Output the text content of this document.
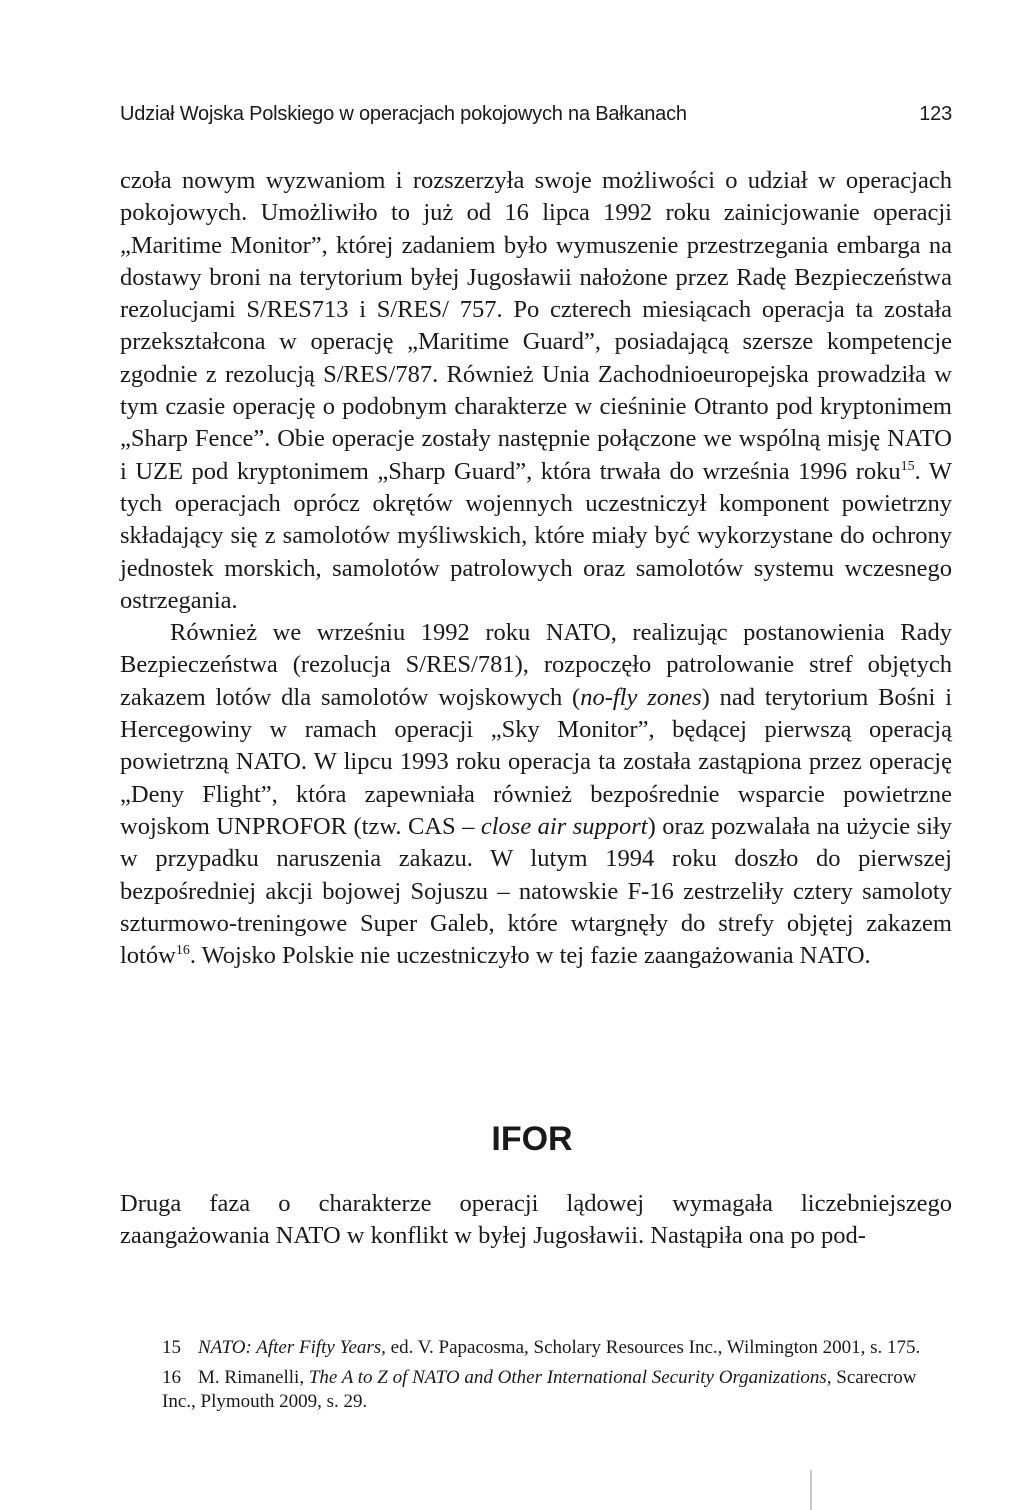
Udział Wojska Polskiego w operacjach pokojowych na Bałkanach	123

czoła nowym wyzwaniom i rozszerzyła swoje możliwości o udział w operacjach pokojowych. Umożliwiło to już od 16 lipca 1992 roku zainicjowanie operacji „Maritime Monitor”, której zadaniem było wymuszenie przestrzegania embarga na dostawy broni na terytorium byłej Jugosławii nałożone przez Radę Bezpieczeństwa rezolucjami S/RES713 i S/RES/ 757. Po czterech miesiącach operacja ta została przekształcona w operację „Maritime Guard”, posiadającą szersze kompetencje zgodnie z rezolucją S/RES/787. Również Unia Zachodnioeuropejska prowadziła w tym czasie operację o podobnym charakterze w cieśninie Otranto pod kryptonimem „Sharp Fence”. Obie operacje zostały następnie połączone we wspólną misję NATO i UZE pod kryptonimem „Sharp Guard”, która trwała do września 1996 roku$^{15}$. W tych operacjach oprócz okrętów wojennych uczestniczył komponent powietrzny składający się z samolotów myśliwskich, które miały być wykorzystane do ochrony jednostek morskich, samolotów patrolowych oraz samolotów systemu wczesnego ostrzegania.

Również we wrześniu 1992 roku NATO, realizując postanowienia Rady Bezpieczeństwa (rezolucja S/RES/781), rozpoczęło patrolowanie stref objętych zakazem lotów dla samolotów wojskowych (no-fly zones) nad terytorium Bośni i Hercegowiny w ramach operacji „Sky Monitor”, będącej pierwszą operacją powietrzną NATO. W lipcu 1993 roku operacja ta została zastąpiona przez operację „Deny Flight”, która zapewniała również bezpośrednie wsparcie powietrzne wojskom UNPROFOR (tzw. CAS – close air support) oraz pozwalała na użycie siły w przypadku naruszenia zakazu. W lutym 1994 roku doszło do pierwszej bezpośredniej akcji bojowej Sojuszu – natowskie F-16 zestrzeliły cztery samoloty szturmowo-treningowe Super Galeb, które wtargnęły do strefy objętej zakazem lotów$^{16}$. Wojsko Polskie nie uczestniczyło w tej fazie zaangażowania NATO.

IFOR

Druga faza o charakterze operacji lądowej wymagała liczebniejszego zaangażowania NATO w konflikt w byłej Jugosławii. Nastąpiła ona po pod-

15 NATO: After Fifty Years, ed. V. Papacosma, Scholary Resources Inc., Wilmington 2001, s. 175.

16 M. Rimanelli, The A to Z of NATO and Other International Security Organizations, Scarecrow Inc., Plymouth 2009, s. 29.
